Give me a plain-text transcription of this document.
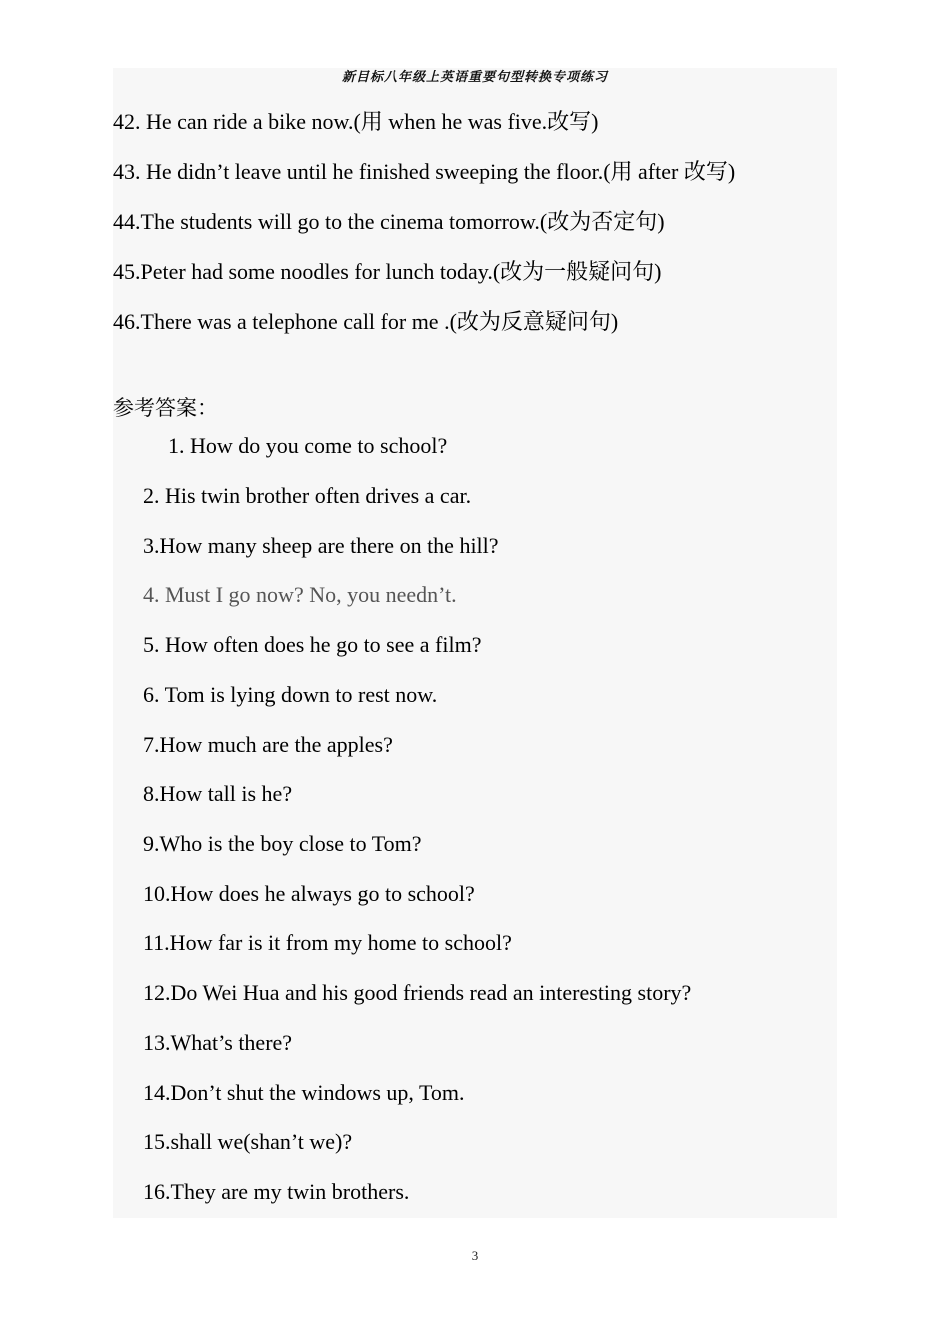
新目标八年级上英语重要句型转换专项练习
42. He can ride a bike now.(用 when he was five.改写)
43. He didn’t leave until he finished sweeping the floor.(用 after 改写)
44.The students will go to the cinema tomorrow.(改为否定句)
45.Peter had some noodles for lunch today.(改为一般疑问句)
46.There was a telephone call for me .(改为反意疑问句)
参考答案：
1. How do you come to school?
2. His twin brother often drives a car.
3.How many sheep are there on the hill?
4. Must I go now? No, you needn’t.
5. How often does he go to see a film?
6. Tom is lying down to rest now.
7.How much are the apples?
8.How tall is he?
9.Who is the boy close to Tom?
10.How does he always go to school?
11.How far is it from my home to school?
12.Do Wei Hua and his good friends read an interesting story?
13.What’s there?
14.Don’t shut the windows up, Tom.
15.shall we(shan’t we)?
16.They are my twin brothers.
3
